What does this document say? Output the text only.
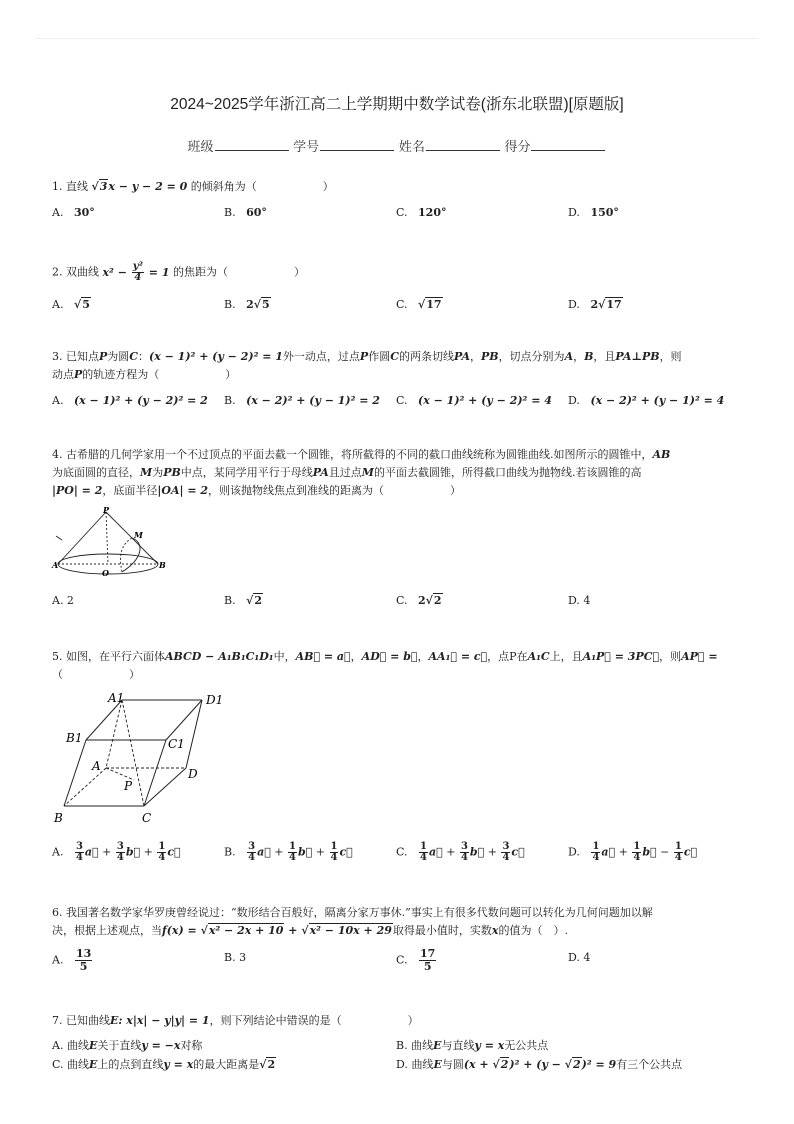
2024~2025学年浙江高二上学期期中数学试卷(浙东北联盟)[原题版]
班级	学号	姓名	得分
1. 直线 √3x − y − 2 = 0 的倾斜角为（　　　　　　）
A. 30°	B. 60°	C. 120°	D. 150°
2. 双曲线 $x^2 - \frac{\text{y²}}{4} = 1$ 的焦距为（　　　　　　）
A. √5	B. 2√5	C. √17	D. 2√17
3. 已知点P为圆C：(x − 1)² + (y − 2)² = 1外一动点，过点P作圆C的两条切线PA，PB，切点分别为A，B，且PA⊥PB，则
动点P的轨迹方程为（　　　　　　）
A. (x − 1)² + (y − 2)² = 2 B. (x − 2)² + (y − 1)² = 2 C. (x − 1)² + (y − 2)² = 4 D. (x − 2)² + (y − 1)² = 4
4. 古希腊的几何学家用一个不过顶点的平面去截一个圆锥，将所截得的不同的截口曲线统称为圆锥曲线.如图所示的圆锥中，AB
为底面圆的直径，M为PB中点，某同学用平行于母线PA且过点M的平面去截圆锥，所得截口曲线为抛物线.若该圆锥的高
|PO| = 2，底面半径|OA| = 2，则该抛物线焦点到准线的距离为（　　　　　　）
P
M
A
O
B
A. 2	B. √2	C. 2√2	D. 4
5. 如图，在平行六面体ABCD − A₁B₁C₁D₁中，AB⃗ = a⃗，AD⃗ = b⃗，AA₁⃗ = c⃗，点P在A₁C上，且A₁P⃗ = 3PC⃗，则AP⃗ =
（　　　　　　）
A1	D1
B1	C1
A
D
P
B	C
A. $\frac{3}{4}$ a⃗ + $\frac{3}{4}$ b⃗ + $\frac{1}{4}$ c⃗	B. $\frac{3}{4}$ a⃗ + $\frac{1}{4}$ b⃗ + $\frac{1}{4}$ c⃗	C. $\frac{1}{4}$ a⃗ + $\frac{3}{4}$ b⃗ + $\frac{3}{4}$ c⃗	D. $\frac{1}{4}$ a⃗ + $\frac{1}{4}$ b⃗ − $\frac{1}{4}$ c⃗
6. 我国著名数学家华罗庚曾经说过：“数形结合百般好，隔离分家万事休.”事实上有很多代数问题可以转化为几何问题加以解
决，根据上述观点，当f(x) = √x² − 2x + 10 + √x² − 10x + 29取得最小值时，实数x的值为（　）.
A. $\frac{13}{5}$	B. 3	C. $\frac{17}{5}$	D. 4
7. 已知曲线E: x|x| − y|y| = 1，则下列结论中错误的是（　　　　　　）
A. 曲线E关于直线y = −x对称	B. 曲线E与直线y = x无公共点
C. 曲线E上的点到直线y = x的最大距离是√2	D. 曲线E与圆(x + √2)² + (y − √2)² = 9有三个公共点
